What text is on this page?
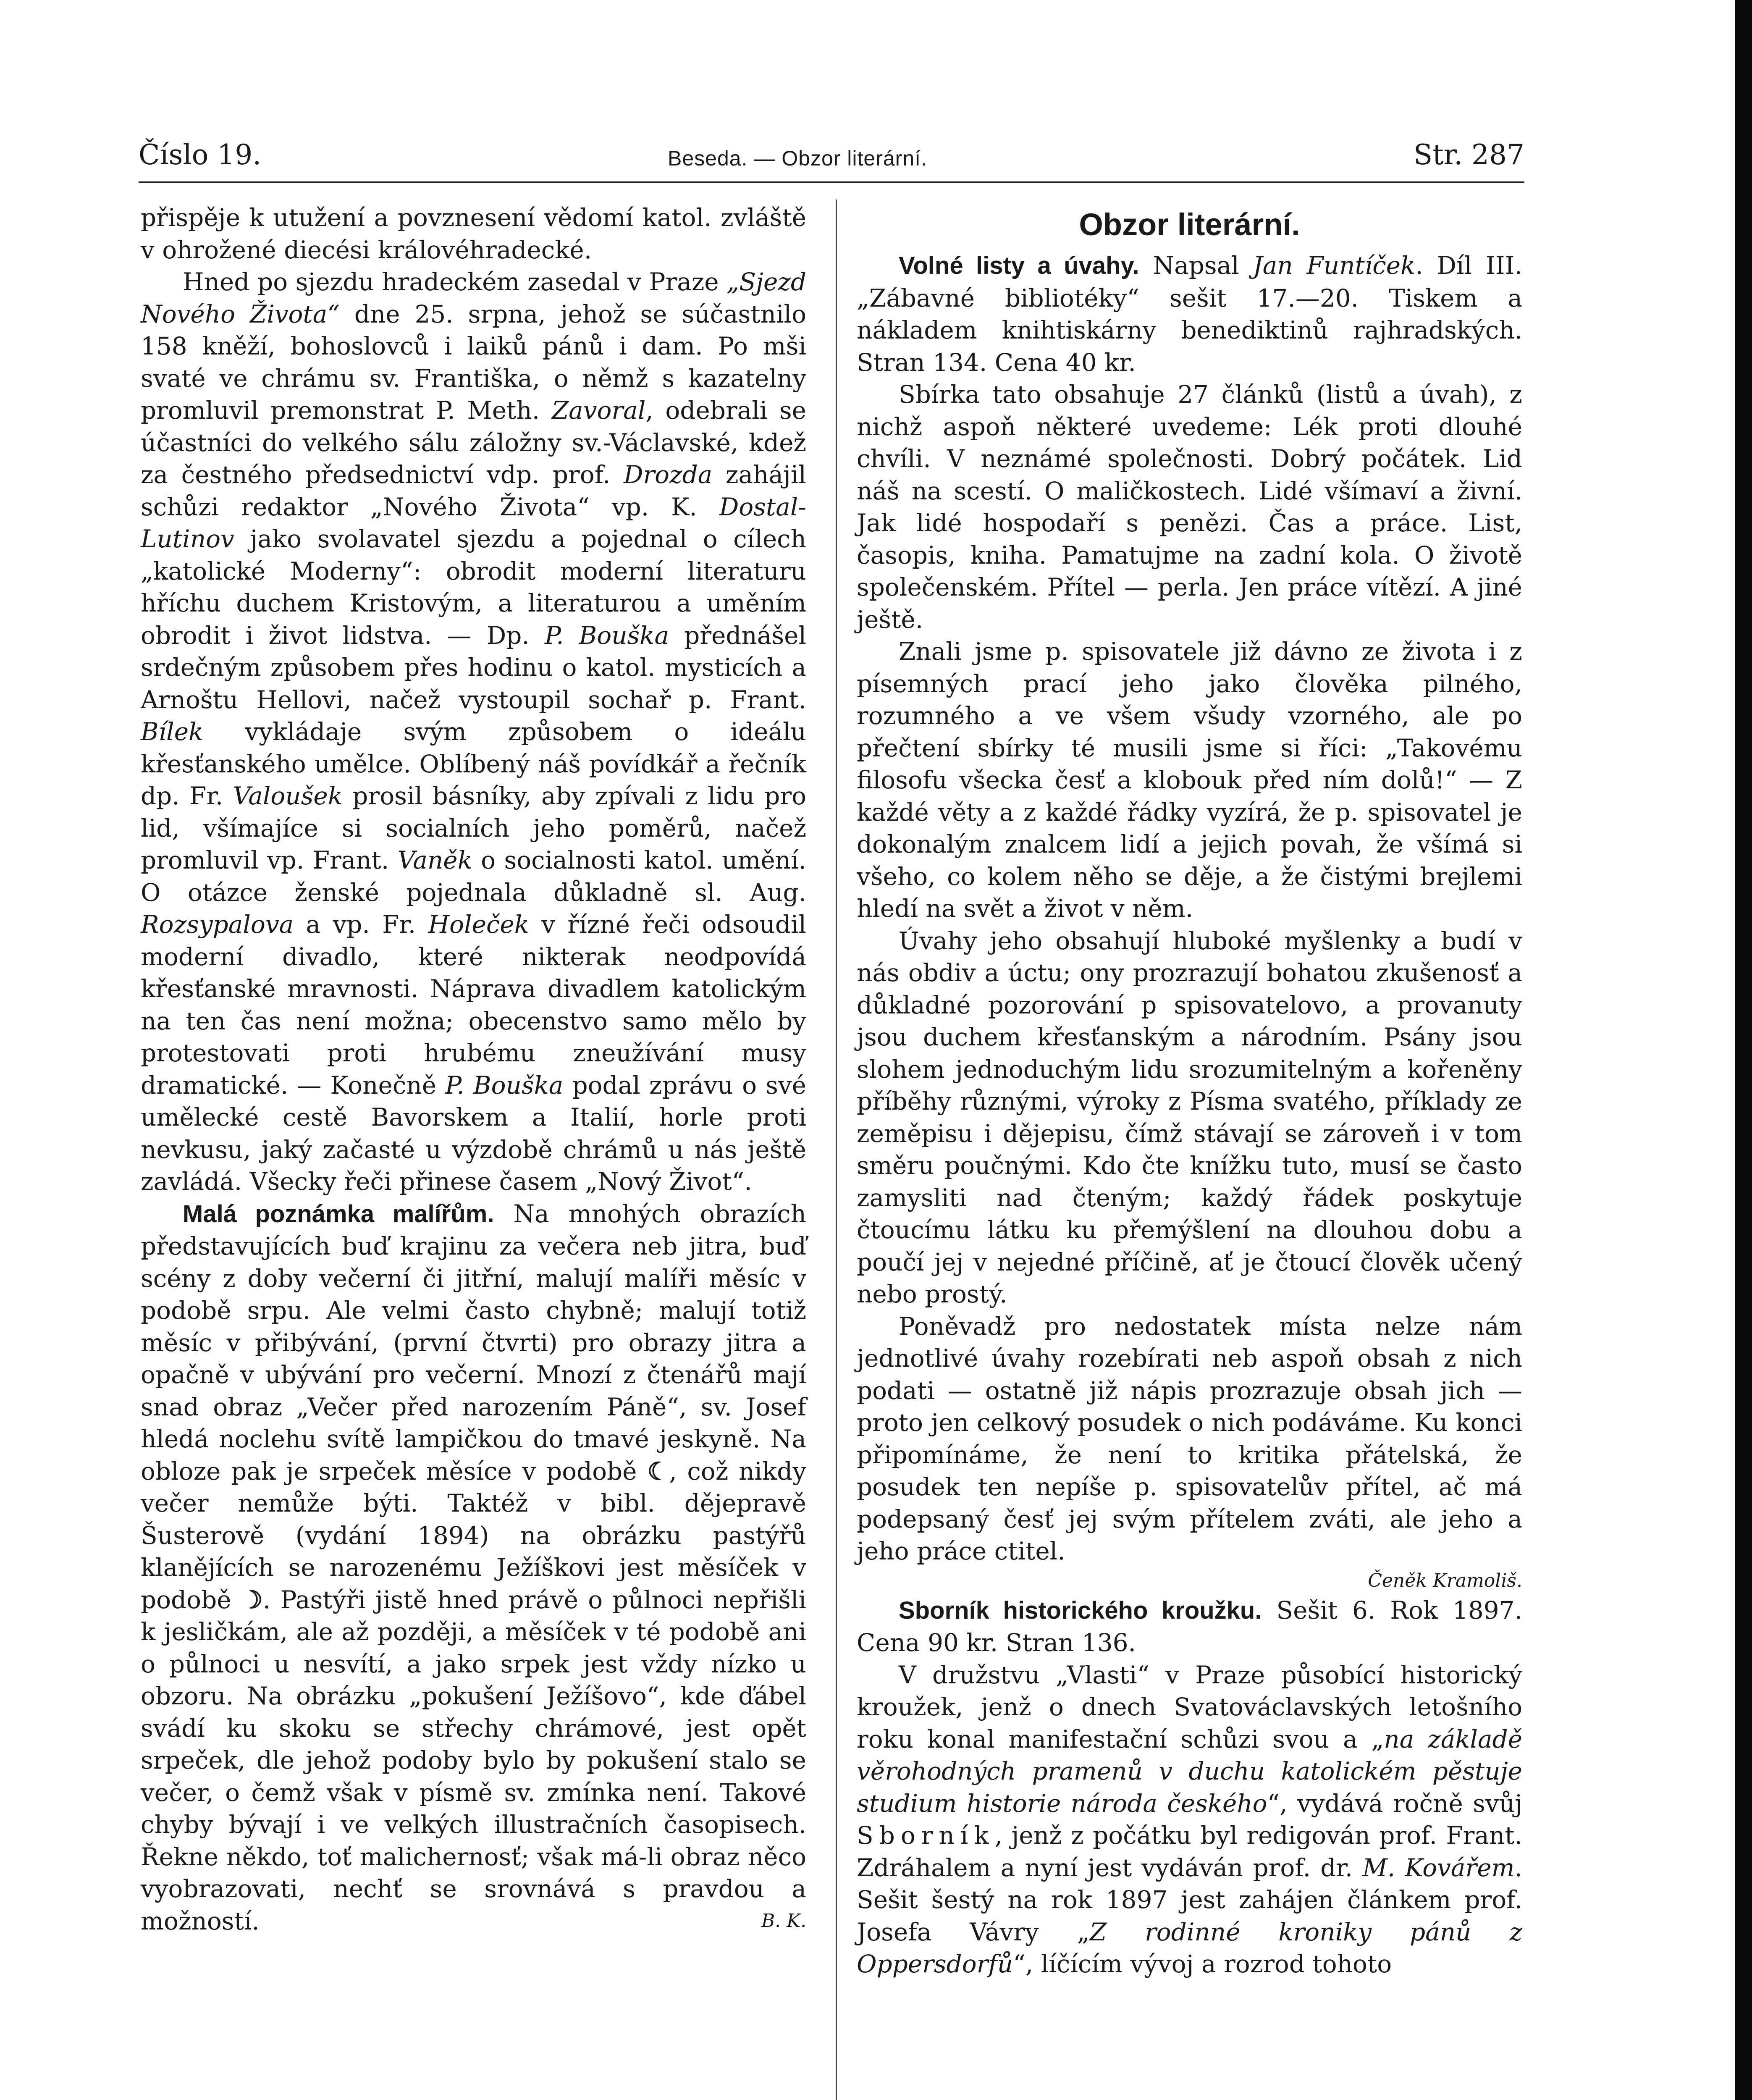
Číslo 19.	Beseda. — Obzor literární.	Str. 287

přispěje k utužení a povznesení vědomí katol. zvláště v ohrožené diecési královéhradecké.

Hned po sjezdu hradeckém zasedal v Praze „Sjezd Nového Života“ dne 25. srpna, jehož se súčastnilo 158 kněží, bohoslovců i laiků pánů i dam. Po mši svaté ve chrámu sv. Františka, o němž s kazatelny promluvil premonstrat P. Meth. Zavoral, odebrali se účastníci do velkého sálu záložny sv.-Václavské, kdež za čestného předsednictví vdp. prof. Drozda zahájil schůzi redaktor „Nového Života“ vp. K. Dostal-Lutinov jako svolavatel sjezdu a pojednal o cílech „katolické Moderny“: obrodit moderní literaturu hříchu duchem Kristovým, a literaturou a uměním obrodit i život lidstva. — Dp. P. Bouška přednášel srdečným způsobem přes hodinu o katol. mysticích a Arnoštu Hellovi, načež vystoupil sochař p. Frant. Bílek vykládaje svým způsobem o ideálu křesťanského umělce. Oblíbený náš povídkář a řečník dp. Fr. Valoušek prosil básníky, aby zpívali z lidu pro lid, všímajíce si socialních jeho poměrů, načež promluvil vp. Frant. Vaněk o socialnosti katol. umění. O otázce ženské pojednala důkladně sl. Aug. Rozsypalova a vp. Fr. Holeček v řízné řeči odsoudil moderní divadlo, které nikterak neodpovídá křesťanské mravnosti. Náprava divadlem katolickým na ten čas není možna; obecenstvo samo mělo by protestovati proti hrubému zneužívání musy dramatické. — Konečně P. Bouška podal zprávu o své umělecké cestě Bavorskem a Italií, horle proti nevkusu, jaký začasté u výzdobě chrámů u nás ještě zavládá. Všecky řeči přinese časem „Nový Život“.

Malá poznámka malířům. Na mnohých obrazích představujících buď krajinu za večera neb jitra, buď scény z doby večerní či jitřní, malují malíři měsíc v podobě srpu. Ale velmi často chybně; malují totiž měsíc v přibývání, (první čtvrti) pro obrazy jitra a opačně v ubývání pro večerní. Mnozí z čtenářů mají snad obraz „Večer před narozením Páně“, sv. Josef hledá noclehu svítě lampičkou do tmavé jeskyně. Na obloze pak je srpeček měsíce v podobě ☾, což nikdy večer nemůže býti. Taktéž v bibl. dějepravě Šusterově (vydání 1894) na obrázku pastýřů klanějících se narozenému Ježíškovi jest měsíček v podobě ☽. Pastýři jistě hned právě o půlnoci nepřišli k jesličkám, ale až později, a měsíček v té podobě ani o půlnoci u nesvítí, a jako srpek jest vždy nízko u obzoru. Na obrázku „pokušení Ježíšovo“, kde ďábel svádí ku skoku se střechy chrámové, jest opět srpeček, dle jehož podoby bylo by pokušení stalo se večer, o čemž však v písmě sv. zmínka není. Takové chyby bývají i ve velkých illustračních časopisech. Řekne někdo, toť malichernosť; však má-li obraz něco vyobrazovati, nechť se srovnává s pravdou a možností.	B. K.

Obzor literární.

Volné listy a úvahy. Napsal Jan Funtíček. Díl III. „Zábavné bibliotéky“ sešit 17.—20. Tiskem a nákladem knihtiskárny benediktinů rajhradských. Stran 134. Cena 40 kr.

Sbírka tato obsahuje 27 článků (listů a úvah), z nichž aspoň některé uvedeme: Lék proti dlouhé chvíli. V neznámé společnosti. Dobrý počátek. Lid náš na scestí. O maličkostech. Lidé všímaví a živní. Jak lidé hospodaří s penězi. Čas a práce. List, časopis, kniha. Pamatujme na zadní kola. O životě společenském. Přítel — perla. Jen práce vítězí. A jiné ještě.

Znali jsme p. spisovatele již dávno ze života i z písemných prací jeho jako člověka pilného, rozumného a ve všem všudy vzorného, ale po přečtení sbírky té musili jsme si říci: „Takovému filosofu všecka česť a klobouk před ním dolů!“ — Z každé věty a z každé řádky vyzírá, že p. spisovatel je dokonalým znalcem lidí a jejich povah, že všímá si všeho, co kolem něho se děje, a že čistými brejlemi hledí na svět a život v něm.

Úvahy jeho obsahují hluboké myšlenky a budí v nás obdiv a úctu; ony prozrazují bohatou zkušenosť a důkladné pozorování p spisovatelovo, a provanuty jsou duchem křesťanským a národním. Psány jsou slohem jednoduchým lidu srozumitelným a kořeněny příběhy různými, výroky z Písma svatého, příklady ze zeměpisu i dějepisu, čímž stávají se zároveň i v tom směru poučnými. Kdo čte knížku tuto, musí se často zamysliti nad čteným; každý řádek poskytuje čtoucímu látku ku přemýšlení na dlouhou dobu a poučí jej v nejedné příčině, ať je čtoucí člověk učený nebo prostý.

Poněvadž pro nedostatek místa nelze nám jednotlivé úvahy rozebírati neb aspoň obsah z nich podati — ostatně již nápis prozrazuje obsah jich — proto jen celkový posudek o nich podáváme. Ku konci připomínáme, že není to kritika přátelská, že posudek ten nepíše p. spisovatelův přítel, ač má podepsaný česť jej svým přítelem zváti, ale jeho a jeho práce ctitel.

Čeněk Kramoliš.

Sborník historického kroužku. Sešit 6. Rok 1897. Cena 90 kr. Stran 136.

V družstvu „Vlasti“ v Praze působící historický kroužek, jenž o dnech Svatováclavských letošního roku konal manifestační schůzi svou a „na základě věrohodných pramenů v duchu katolickém pěstuje studium historie národa českého“, vydává ročně svůj Sborník, jenž z počátku byl redigován prof. Frant. Zdráhalem a nyní jest vydáván prof. dr. M. Kovářem. Sešit šestý na rok 1897 jest zahájen článkem prof. Josefa Vávry „Z rodinné kroniky pánů z Oppersdorfů“, líčícím vývoj a rozrod tohoto
